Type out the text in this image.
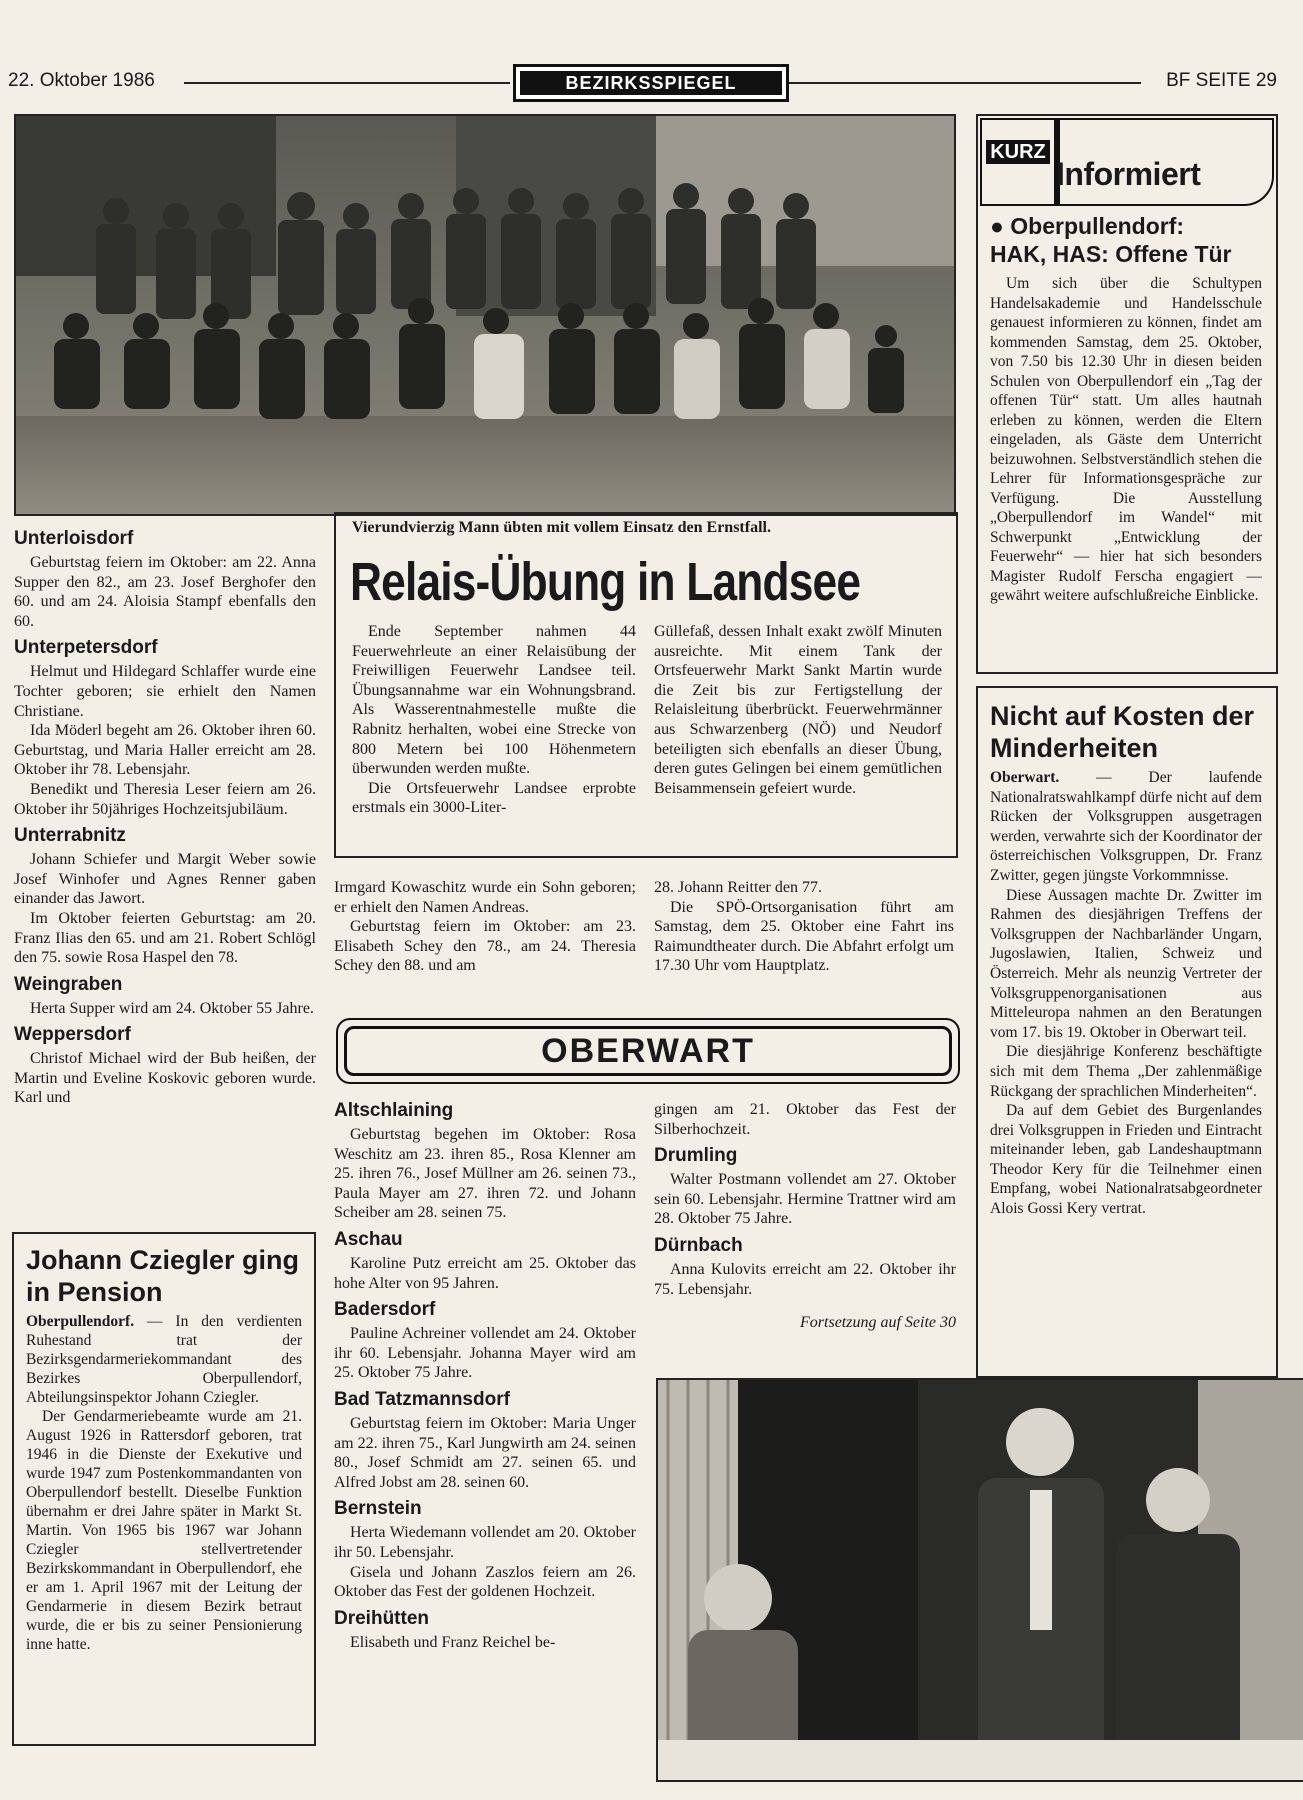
22. Oktober 1986	BEZIRKSSPIEGEL	BF SEITE 29
Vierundvierzig Mann übten mit vollem Einsatz den Ernstfall.
Relais-Übung in Landsee

Ende September nahmen 44 Feuerwehrleute an einer Relaisübung der Freiwilligen Feuerwehr Landsee teil. Übungsannahme war ein Wohnungsbrand. Als Wasserentnahmestelle mußte die Rabnitz herhalten, wobei eine Strecke von 800 Metern bei 100 Höhenmetern überwunden werden mußte.

Die Ortsfeuerwehr Landsee erprobte erstmals ein 3000-Liter-

Güllefaß, dessen Inhalt exakt zwölf Minuten ausreichte. Mit einem Tank der Ortsfeuerwehr Markt Sankt Martin wurde die Zeit bis zur Fertigstellung der Relaisleitung überbrückt. Feuerwehrmänner aus Schwarzenberg (NÖ) und Neudorf beteiligten sich ebenfalls an dieser Übung, deren gutes Gelingen bei einem gemütlichen Beisammensein gefeiert wurde.

Unterloisdorf

Geburtstag feiern im Oktober: am 22. Anna Supper den 82., am 23. Josef Berghofer den 60. und am 24. Aloisia Stampf ebenfalls den 60.

Unterpetersdorf

Helmut und Hildegard Schlaffer wurde eine Tochter geboren; sie erhielt den Namen Christiane.

Ida Möderl begeht am 26. Oktober ihren 60. Geburtstag, und Maria Haller erreicht am 28. Oktober ihr 78. Lebensjahr.

Benedikt und Theresia Leser feiern am 26. Oktober ihr 50jähriges Hochzeitsjubiläum.

Unterrabnitz

Johann Schiefer und Margit Weber sowie Josef Winhofer und Agnes Renner gaben einander das Jawort.

Im Oktober feierten Geburtstag: am 20. Franz Ilias den 65. und am 21. Robert Schlögl den 75. sowie Rosa Haspel den 78.

Weingraben

Herta Supper wird am 24. Oktober 55 Jahre.

Weppersdorf

Christof Michael wird der Bub heißen, der Martin und Eveline Koskovic geboren wurde. Karl und

Johann Cziegler ging in Pension

Oberpullendorf. — In den verdienten Ruhestand trat der Bezirksgendarmeriekommandant des Bezirkes Oberpullendorf, Abteilungsinspektor Johann Cziegler.

Der Gendarmeriebeamte wurde am 21. August 1926 in Rattersdorf geboren, trat 1946 in die Dienste der Exekutive und wurde 1947 zum Postenkommandanten von Oberpullendorf bestellt. Dieselbe Funktion übernahm er drei Jahre später in Markt St. Martin. Von 1965 bis 1967 war Johann Cziegler stellvertretender Bezirkskommandant in Oberpullendorf, ehe er am 1. April 1967 mit der Leitung der Gendarmerie in diesem Bezirk betraut wurde, die er bis zu seiner Pensionierung inne hatte.

Irmgard Kowaschitz wurde ein Sohn geboren; er erhielt den Namen Andreas.

Geburtstag feiern im Oktober: am 23. Elisabeth Schey den 78., am 24. Theresia Schey den 88. und am

28. Johann Reitter den 77.

Die SPÖ-Ortsorganisation führt am Samstag, dem 25. Oktober eine Fahrt ins Raimundtheater durch. Die Abfahrt erfolgt um 17.30 Uhr vom Hauptplatz.

OBERWART
Altschlaining

Geburtstag begehen im Oktober: Rosa Weschitz am 23. ihren 85., Rosa Klenner am 25. ihren 76., Josef Müllner am 26. seinen 73., Paula Mayer am 27. ihren 72. und Johann Scheiber am 28. seinen 75.

Aschau

Karoline Putz erreicht am 25. Oktober das hohe Alter von 95 Jahren.

Badersdorf

Pauline Achreiner vollendet am 24. Oktober ihr 60. Lebensjahr. Johanna Mayer wird am 25. Oktober 75 Jahre.

Bad Tatzmannsdorf

Geburtstag feiern im Oktober: Maria Unger am 22. ihren 75., Karl Jungwirth am 24. seinen 80., Josef Schmidt am 27. seinen 65. und Alfred Jobst am 28. seinen 60.

Bernstein

Herta Wiedemann vollendet am 20. Oktober ihr 50. Lebensjahr.

Gisela und Johann Zaszlos feiern am 26. Oktober das Fest der goldenen Hochzeit.

Dreihütten

Elisabeth und Franz Reichel be-

gingen am 21. Oktober das Fest der Silberhochzeit.

Drumling

Walter Postmann vollendet am 27. Oktober sein 60. Lebensjahr. Hermine Trattner wird am 28. Oktober 75 Jahre.

Dürnbach

Anna Kulovits erreicht am 22. Oktober ihr 75. Lebensjahr.

Fortsetzung auf Seite 30

KURZ
Informiert
● Oberpullendorf:
HAK, HAS: Offene Tür

Um sich über die Schultypen Handelsakademie und Handelsschule genauest informieren zu können, findet am kommenden Samstag, dem 25. Oktober, von 7.50 bis 12.30 Uhr in diesen beiden Schulen von Oberpullendorf ein „Tag der offenen Tür“ statt. Um alles hautnah erleben zu können, werden die Eltern eingeladen, als Gäste dem Unterricht beizuwohnen. Selbstverständlich stehen die Lehrer für Informationsgespräche zur Verfügung. Die Ausstellung „Oberpullendorf im Wandel“ mit Schwerpunkt „Entwicklung der Feuerwehr“ — hier hat sich besonders Magister Rudolf Ferscha engagiert — gewährt weitere aufschlußreiche Einblicke.

Nicht auf Kosten der Minderheiten

Oberwart. — Der laufende Nationalratswahlkampf dürfe nicht auf dem Rücken der Volksgruppen ausgetragen werden, verwahrte sich der Koordinator der österreichischen Volksgruppen, Dr. Franz Zwitter, gegen jüngste Vorkommnisse.

Diese Aussagen machte Dr. Zwitter im Rahmen des diesjährigen Treffens der Volksgruppen der Nachbarländer Ungarn, Jugoslawien, Italien, Schweiz und Österreich. Mehr als neunzig Vertreter der Volksgruppenorganisationen aus Mitteleuropa nahmen an den Beratungen vom 17. bis 19. Oktober in Oberwart teil.

Die diesjährige Konferenz beschäftigte sich mit dem Thema „Der zahlenmäßige Rückgang der sprachlichen Minderheiten“.

Da auf dem Gebiet des Burgenlandes drei Volksgruppen in Frieden und Eintracht miteinander leben, gab Landeshauptmann Theodor Kery für die Teilnehmer einen Empfang, wobei Nationalratsabgeordneter Alois Gossi Kery vertrat.
